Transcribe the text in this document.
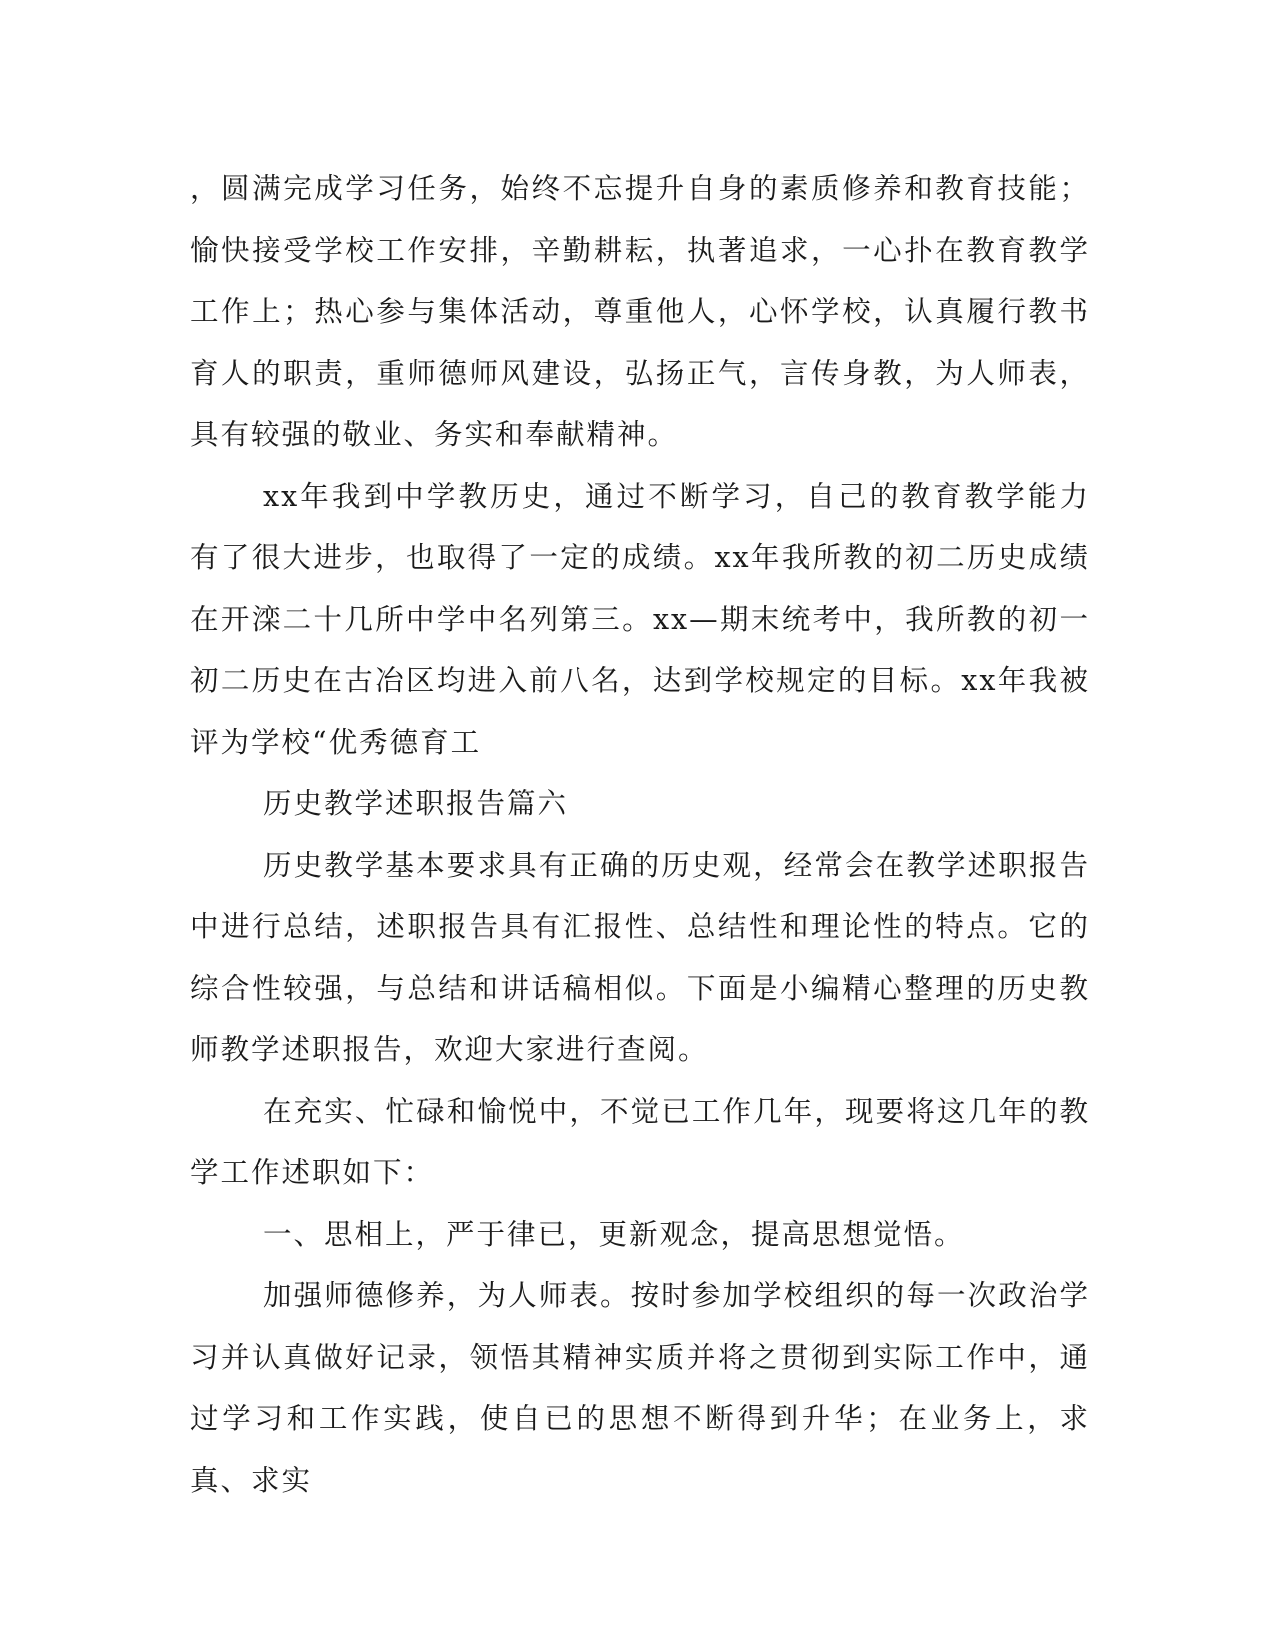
，圆满完成学习任务，始终不忘提升自身的素质修养和教育技能；愉快接受学校工作安排，辛勤耕耘，执著追求，一心扑在教育教学工作上；热心参与集体活动，尊重他人，心怀学校，认真履行教书育人的职责，重师德师风建设，弘扬正气，言传身教，为人师表，具有较强的敬业、务实和奉献精神。

xx年我到中学教历史，通过不断学习，自己的教育教学能力有了很大进步，也取得了一定的成绩。xx年我所教的初二历史成绩在开滦二十几所中学中名列第三。xx—期末统考中，我所教的初一初二历史在古冶区均进入前八名，达到学校规定的目标。xx年我被评为学校“优秀德育工

历史教学述职报告篇六

历史教学基本要求具有正确的历史观，经常会在教学述职报告中进行总结，述职报告具有汇报性、总结性和理论性的特点。它的综合性较强，与总结和讲话稿相似。下面是小编精心整理的历史教师教学述职报告，欢迎大家进行查阅。

在充实、忙碌和愉悦中，不觉已工作几年，现要将这几年的教学工作述职如下：

一、思相上，严于律已，更新观念，提高思想觉悟。

加强师德修养，为人师表。按时参加学校组织的每一次政治学习并认真做好记录，领悟其精神实质并将之贯彻到实际工作中，通过学习和工作实践，使自已的思想不断得到升华；在业务上，求真、求实
